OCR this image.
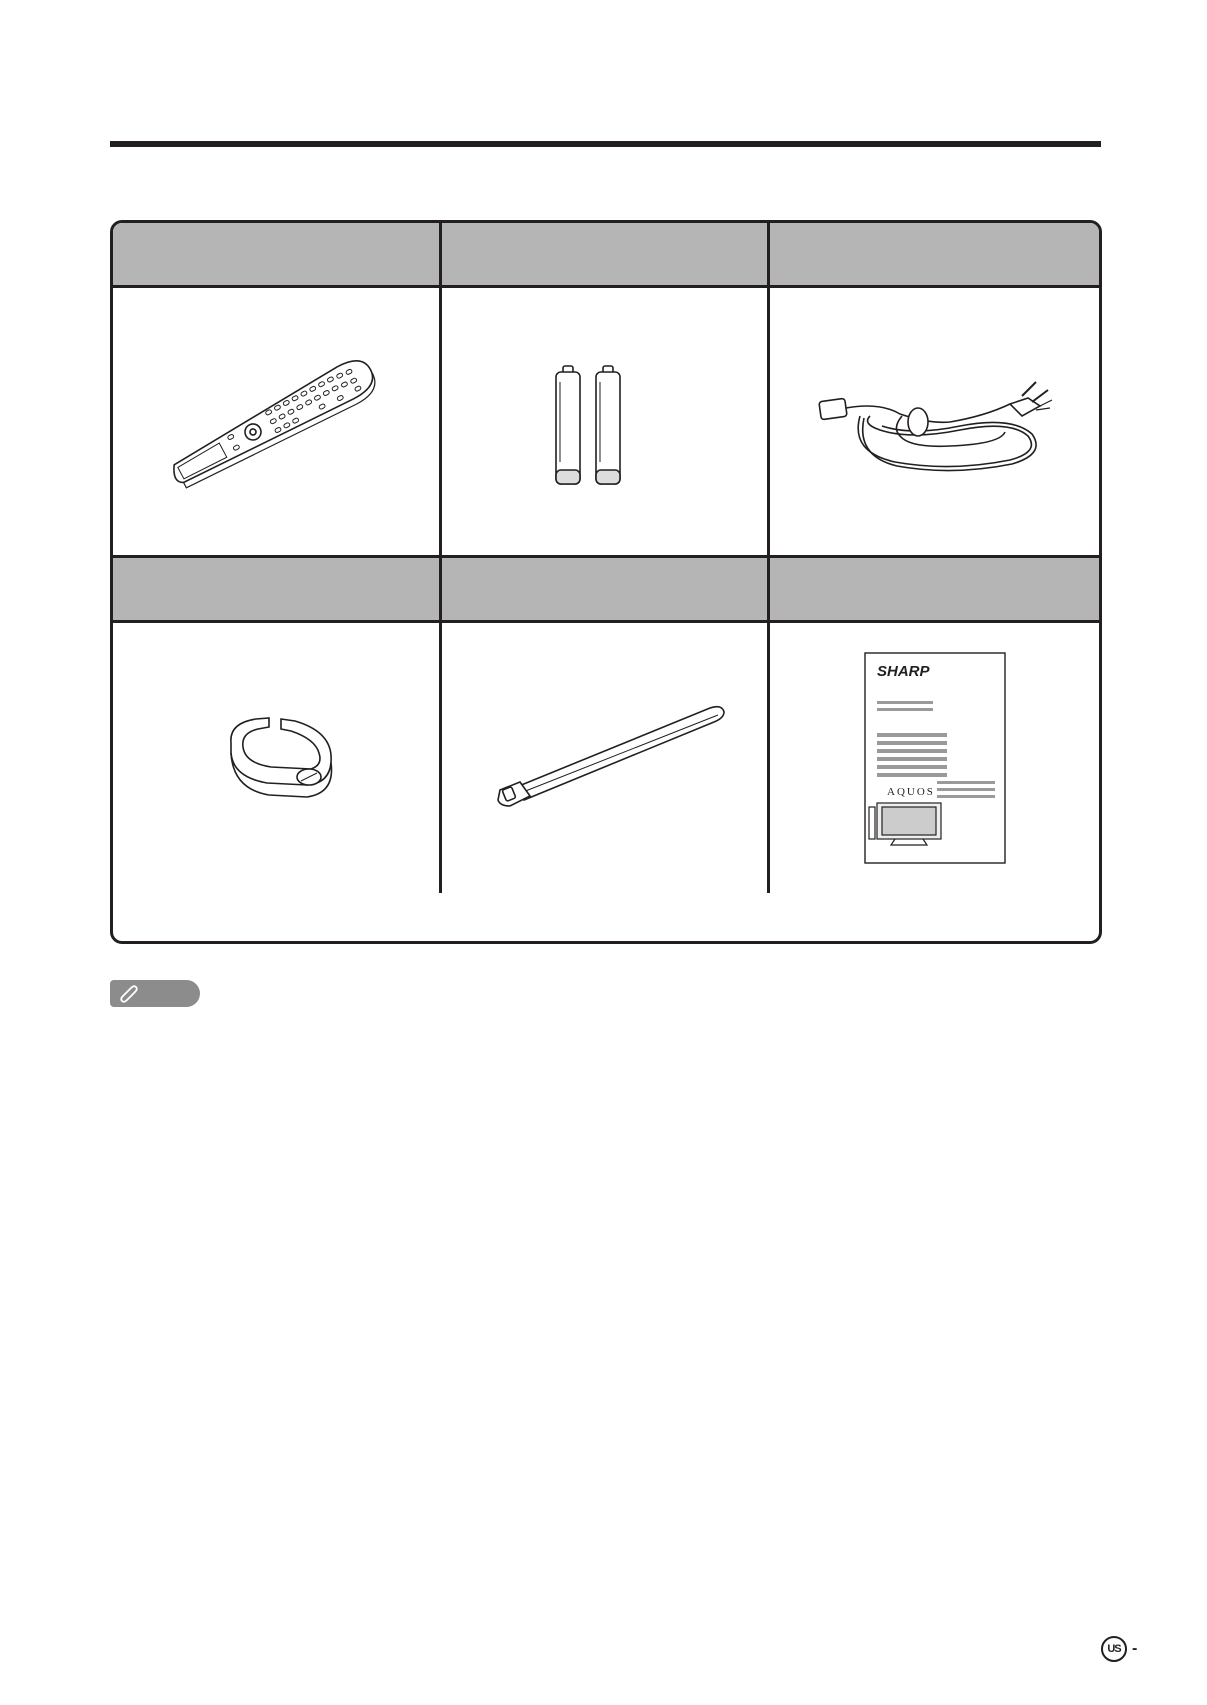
SHARP
AQUOS
US -
